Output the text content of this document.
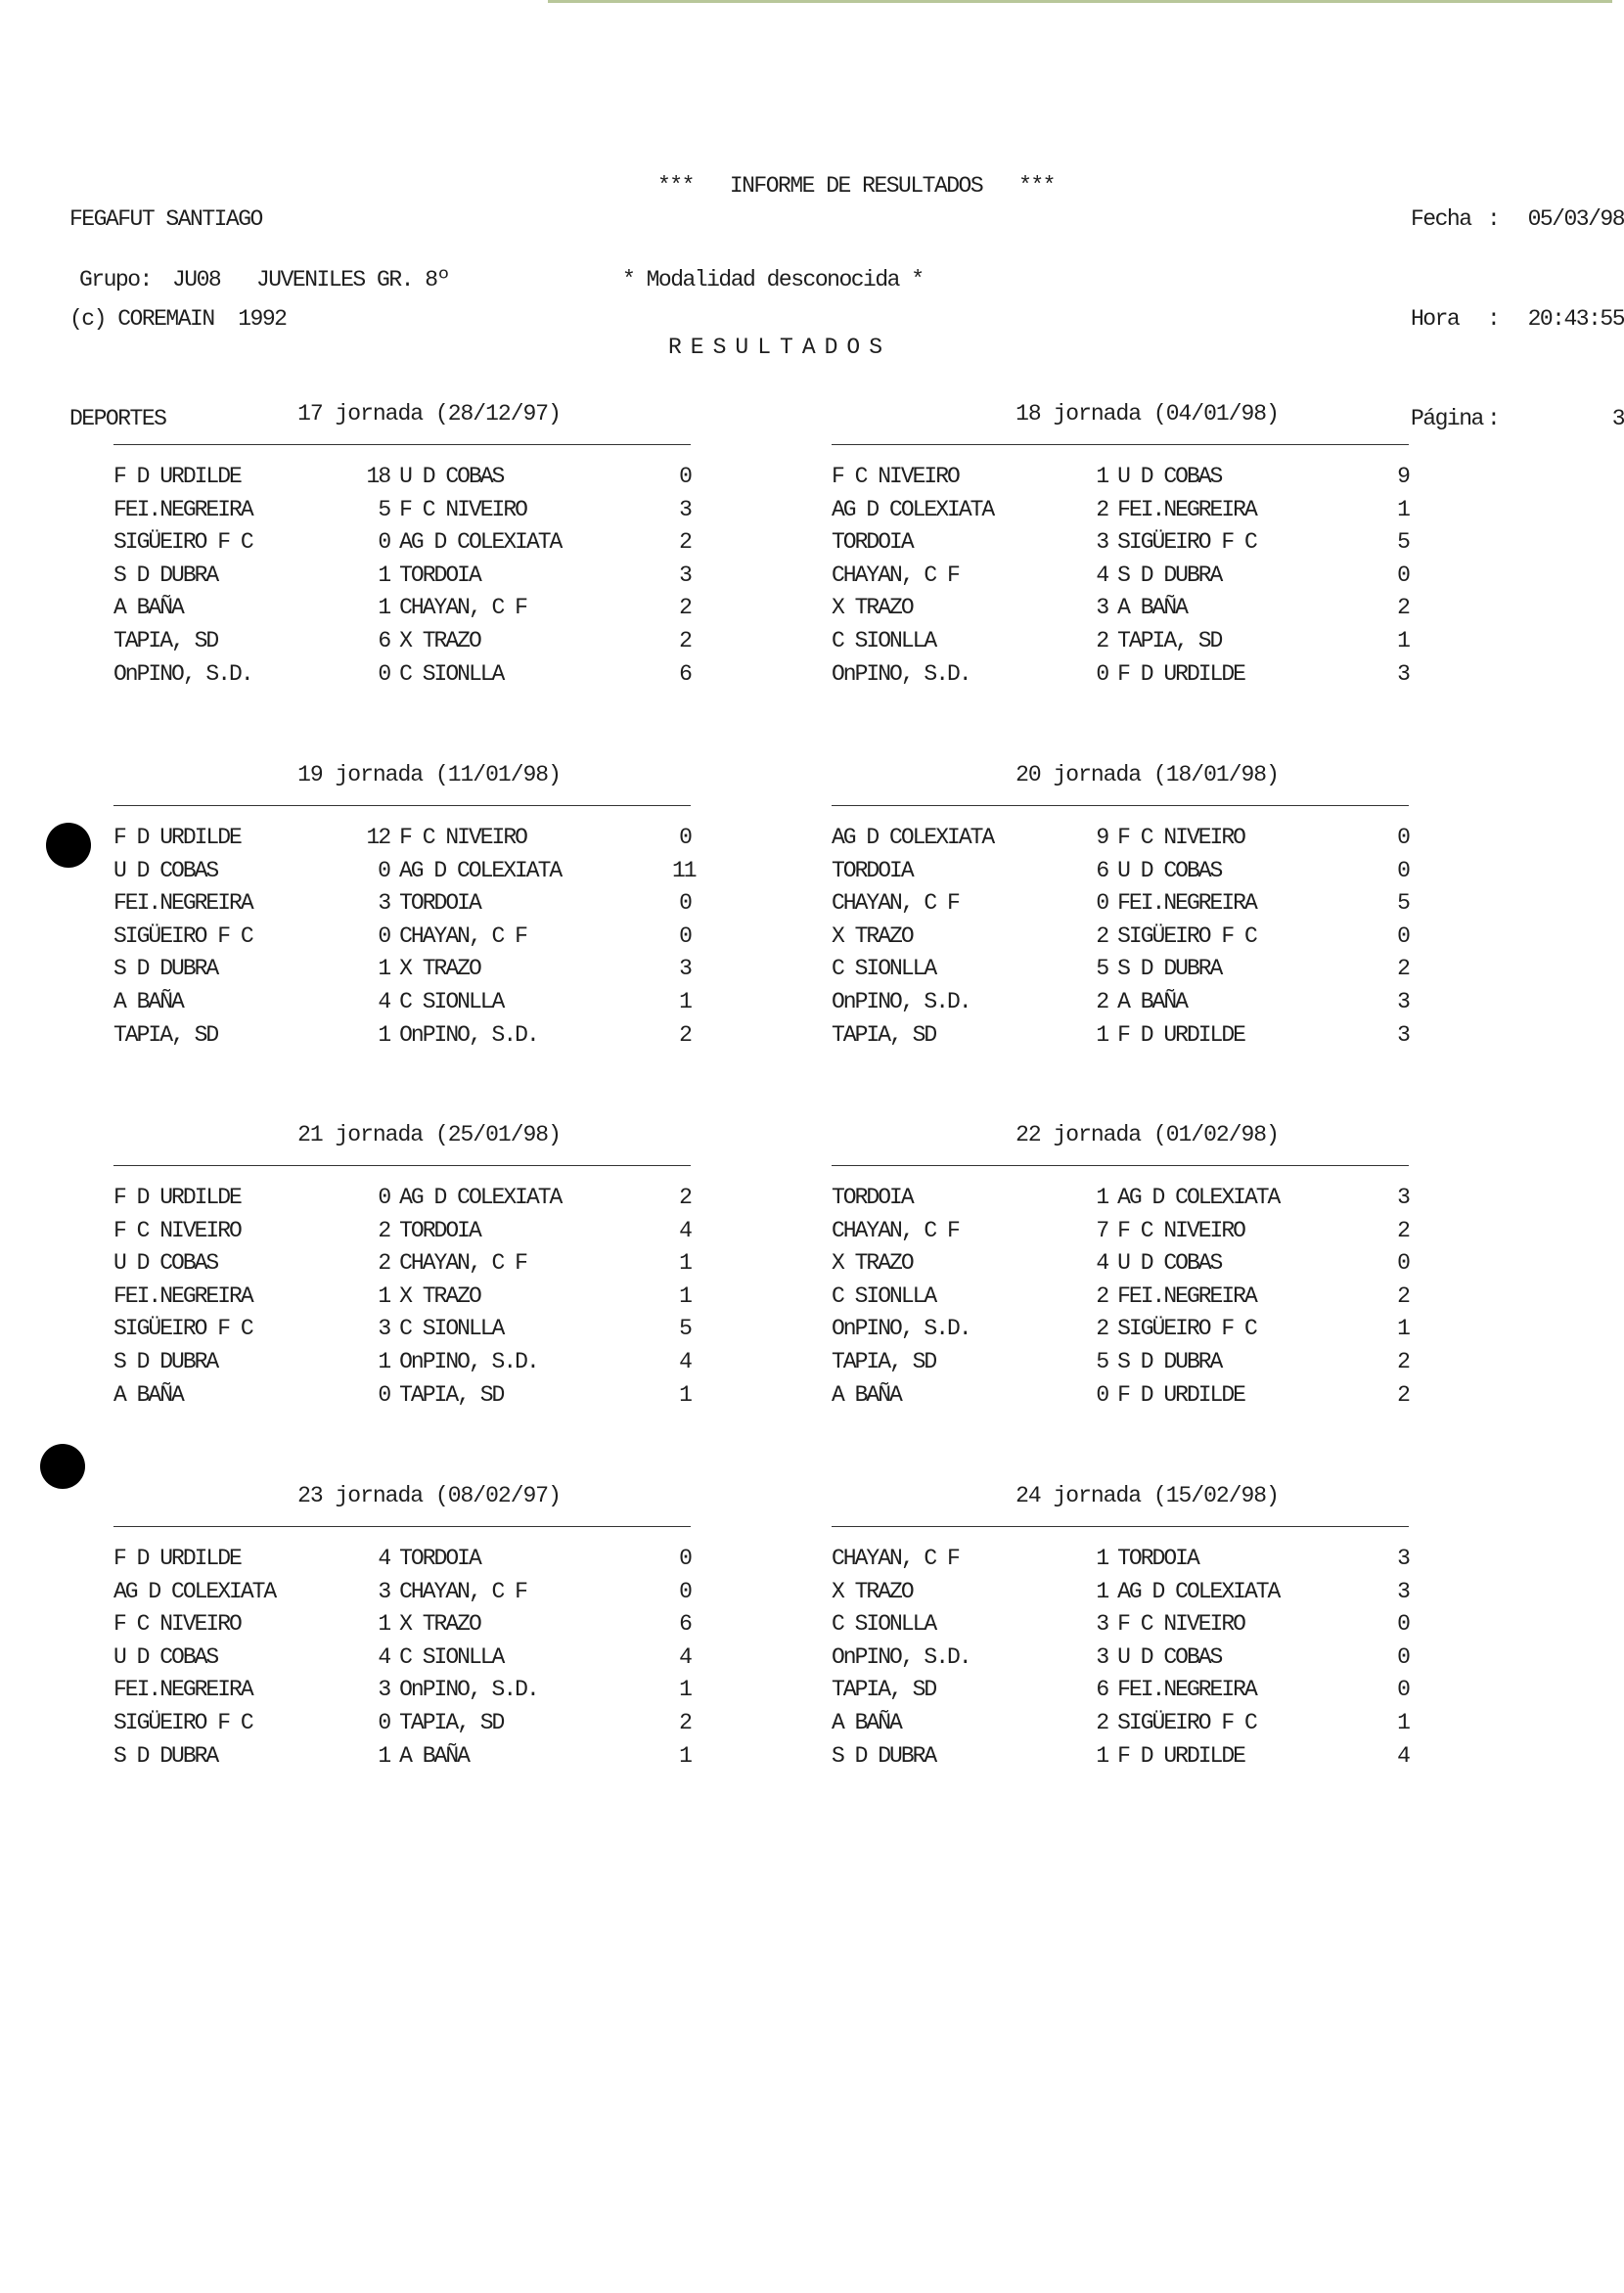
FEGAFUT SANTIAGO

(c) COREMAIN  1992

DEPORTES

***   INFORME DE RESULTADOS   ***

Fecha :	05/03/98

Hora	:	20:43:55

Página :	3

Grupo: JU08 JUVENILES GR. 8º	* Modalidad desconocida *
RESULTADOS
17 jornada (28/12/97)
F D URDILDE	18 U D COBAS	0
FEI.NEGREIRA	5 F C NIVEIRO	3
SIGÜEIRO F C	0 AG D COLEXIATA	2
S D DUBRA	1 TORDOIA	3
A BAÑA	1 CHAYAN, C F	2
TAPIA, SD	6 X TRAZO	2
OnPINO, S.D.	0 C SIONLLA	6
18 jornada (04/01/98)
F C NIVEIRO	1 U D COBAS	9
AG D COLEXIATA	2 FEI.NEGREIRA	1
TORDOIA	3 SIGÜEIRO F C	5
CHAYAN, C F	4 S D DUBRA	0
X TRAZO	3 A BAÑA	2
C SIONLLA	2 TAPIA, SD	1
OnPINO, S.D.	0 F D URDILDE	3
19 jornada (11/01/98)
F D URDILDE	12 F C NIVEIRO	0
U D COBAS	0 AG D COLEXIATA	11
FEI.NEGREIRA	3 TORDOIA	0
SIGÜEIRO F C	0 CHAYAN, C F	0
S D DUBRA	1 X TRAZO	3
A BAÑA	4 C SIONLLA	1
TAPIA, SD	1 OnPINO, S.D.	2
20 jornada (18/01/98)
AG D COLEXIATA	9 F C NIVEIRO	0
TORDOIA	6 U D COBAS	0
CHAYAN, C F	0 FEI.NEGREIRA	5
X TRAZO	2 SIGÜEIRO F C	0
C SIONLLA	5 S D DUBRA	2
OnPINO, S.D.	2 A BAÑA	3
TAPIA, SD	1 F D URDILDE	3
21 jornada (25/01/98)
F D URDILDE	0 AG D COLEXIATA	2
F C NIVEIRO	2 TORDOIA	4
U D COBAS	2 CHAYAN, C F	1
FEI.NEGREIRA	1 X TRAZO	1
SIGÜEIRO F C	3 C SIONLLA	5
S D DUBRA	1 OnPINO, S.D.	4
A BAÑA	0 TAPIA, SD	1
22 jornada (01/02/98)
TORDOIA	1 AG D COLEXIATA	3
CHAYAN, C F	7 F C NIVEIRO	2
X TRAZO	4 U D COBAS	0
C SIONLLA	2 FEI.NEGREIRA	2
OnPINO, S.D.	2 SIGÜEIRO F C	1
TAPIA, SD	5 S D DUBRA	2
A BAÑA	0 F D URDILDE	2
23 jornada (08/02/97)
F D URDILDE	4 TORDOIA	0
AG D COLEXIATA	3 CHAYAN, C F	0
F C NIVEIRO	1 X TRAZO	6
U D COBAS	4 C SIONLLA	4
FEI.NEGREIRA	3 OnPINO, S.D.	1
SIGÜEIRO F C	0 TAPIA, SD	2
S D DUBRA	1 A BAÑA	1
24 jornada (15/02/98)
CHAYAN, C F	1 TORDOIA	3
X TRAZO	1 AG D COLEXIATA	3
C SIONLLA	3 F C NIVEIRO	0
OnPINO, S.D.	3 U D COBAS	0
TAPIA, SD	6 FEI.NEGREIRA	0
A BAÑA	2 SIGÜEIRO F C	1
S D DUBRA	1 F D URDILDE	4
